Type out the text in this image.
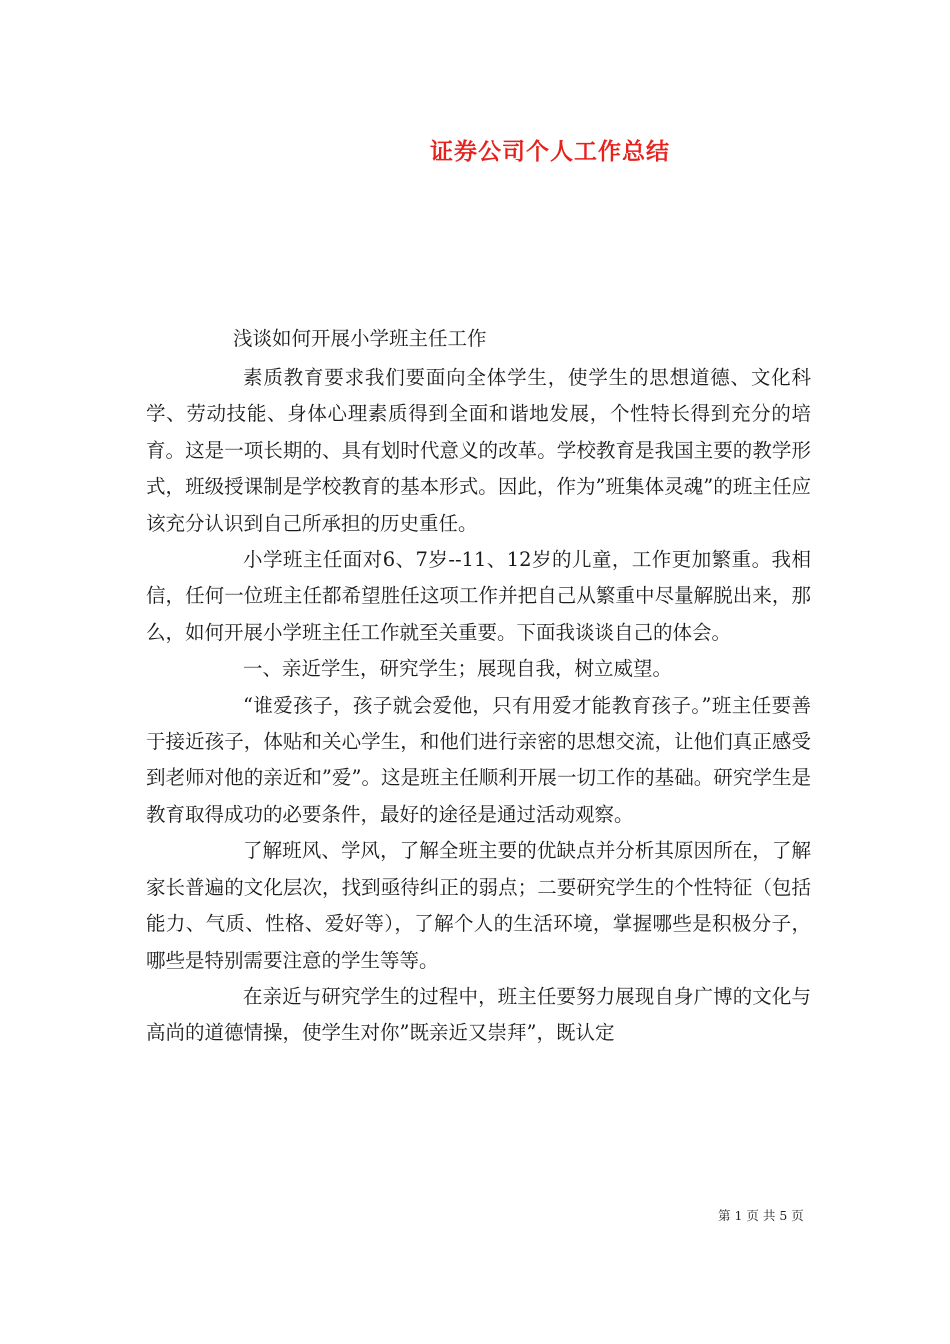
证券公司个人工作总结
浅谈如何开展小学班主任工作

素质教育要求我们要面向全体学生，使学生的思想道德、文化科学、劳动技能、身体心理素质得到全面和谐地发展，个性特长得到充分的培育。这是一项长期的、具有划时代意义的改革。学校教育是我国主要的教学形式，班级授课制是学校教育的基本形式。因此，作为”班集体灵魂”的班主任应该充分认识到自己所承担的历史重任。

小学班主任面对6、7岁--11、12岁的儿童，工作更加繁重。我相信，任何一位班主任都希望胜任这项工作并把自己从繁重中尽量解脱出来，那么，如何开展小学班主任工作就至关重要。下面我谈谈自己的体会。

一、亲近学生，研究学生；展现自我，树立威望。

“谁爱孩子，孩子就会爱他，只有用爱才能教育孩子。”班主任要善于接近孩子，体贴和关心学生，和他们进行亲密的思想交流，让他们真正感受到老师对他的亲近和”爱”。这是班主任顺利开展一切工作的基础。研究学生是教育取得成功的必要条件，最好的途径是通过活动观察。

了解班风、学风，了解全班主要的优缺点并分析其原因所在，了解家长普遍的文化层次，找到亟待纠正的弱点；二要研究学生的个性特征（包括能力、气质、性格、爱好等），了解个人的生活环境，掌握哪些是积极分子，哪些是特别需要注意的学生等等。

在亲近与研究学生的过程中，班主任要努力展现自身广博的文化与高尚的道德情操，使学生对你”既亲近又崇拜”，既认定

第 1 页 共 5 页
